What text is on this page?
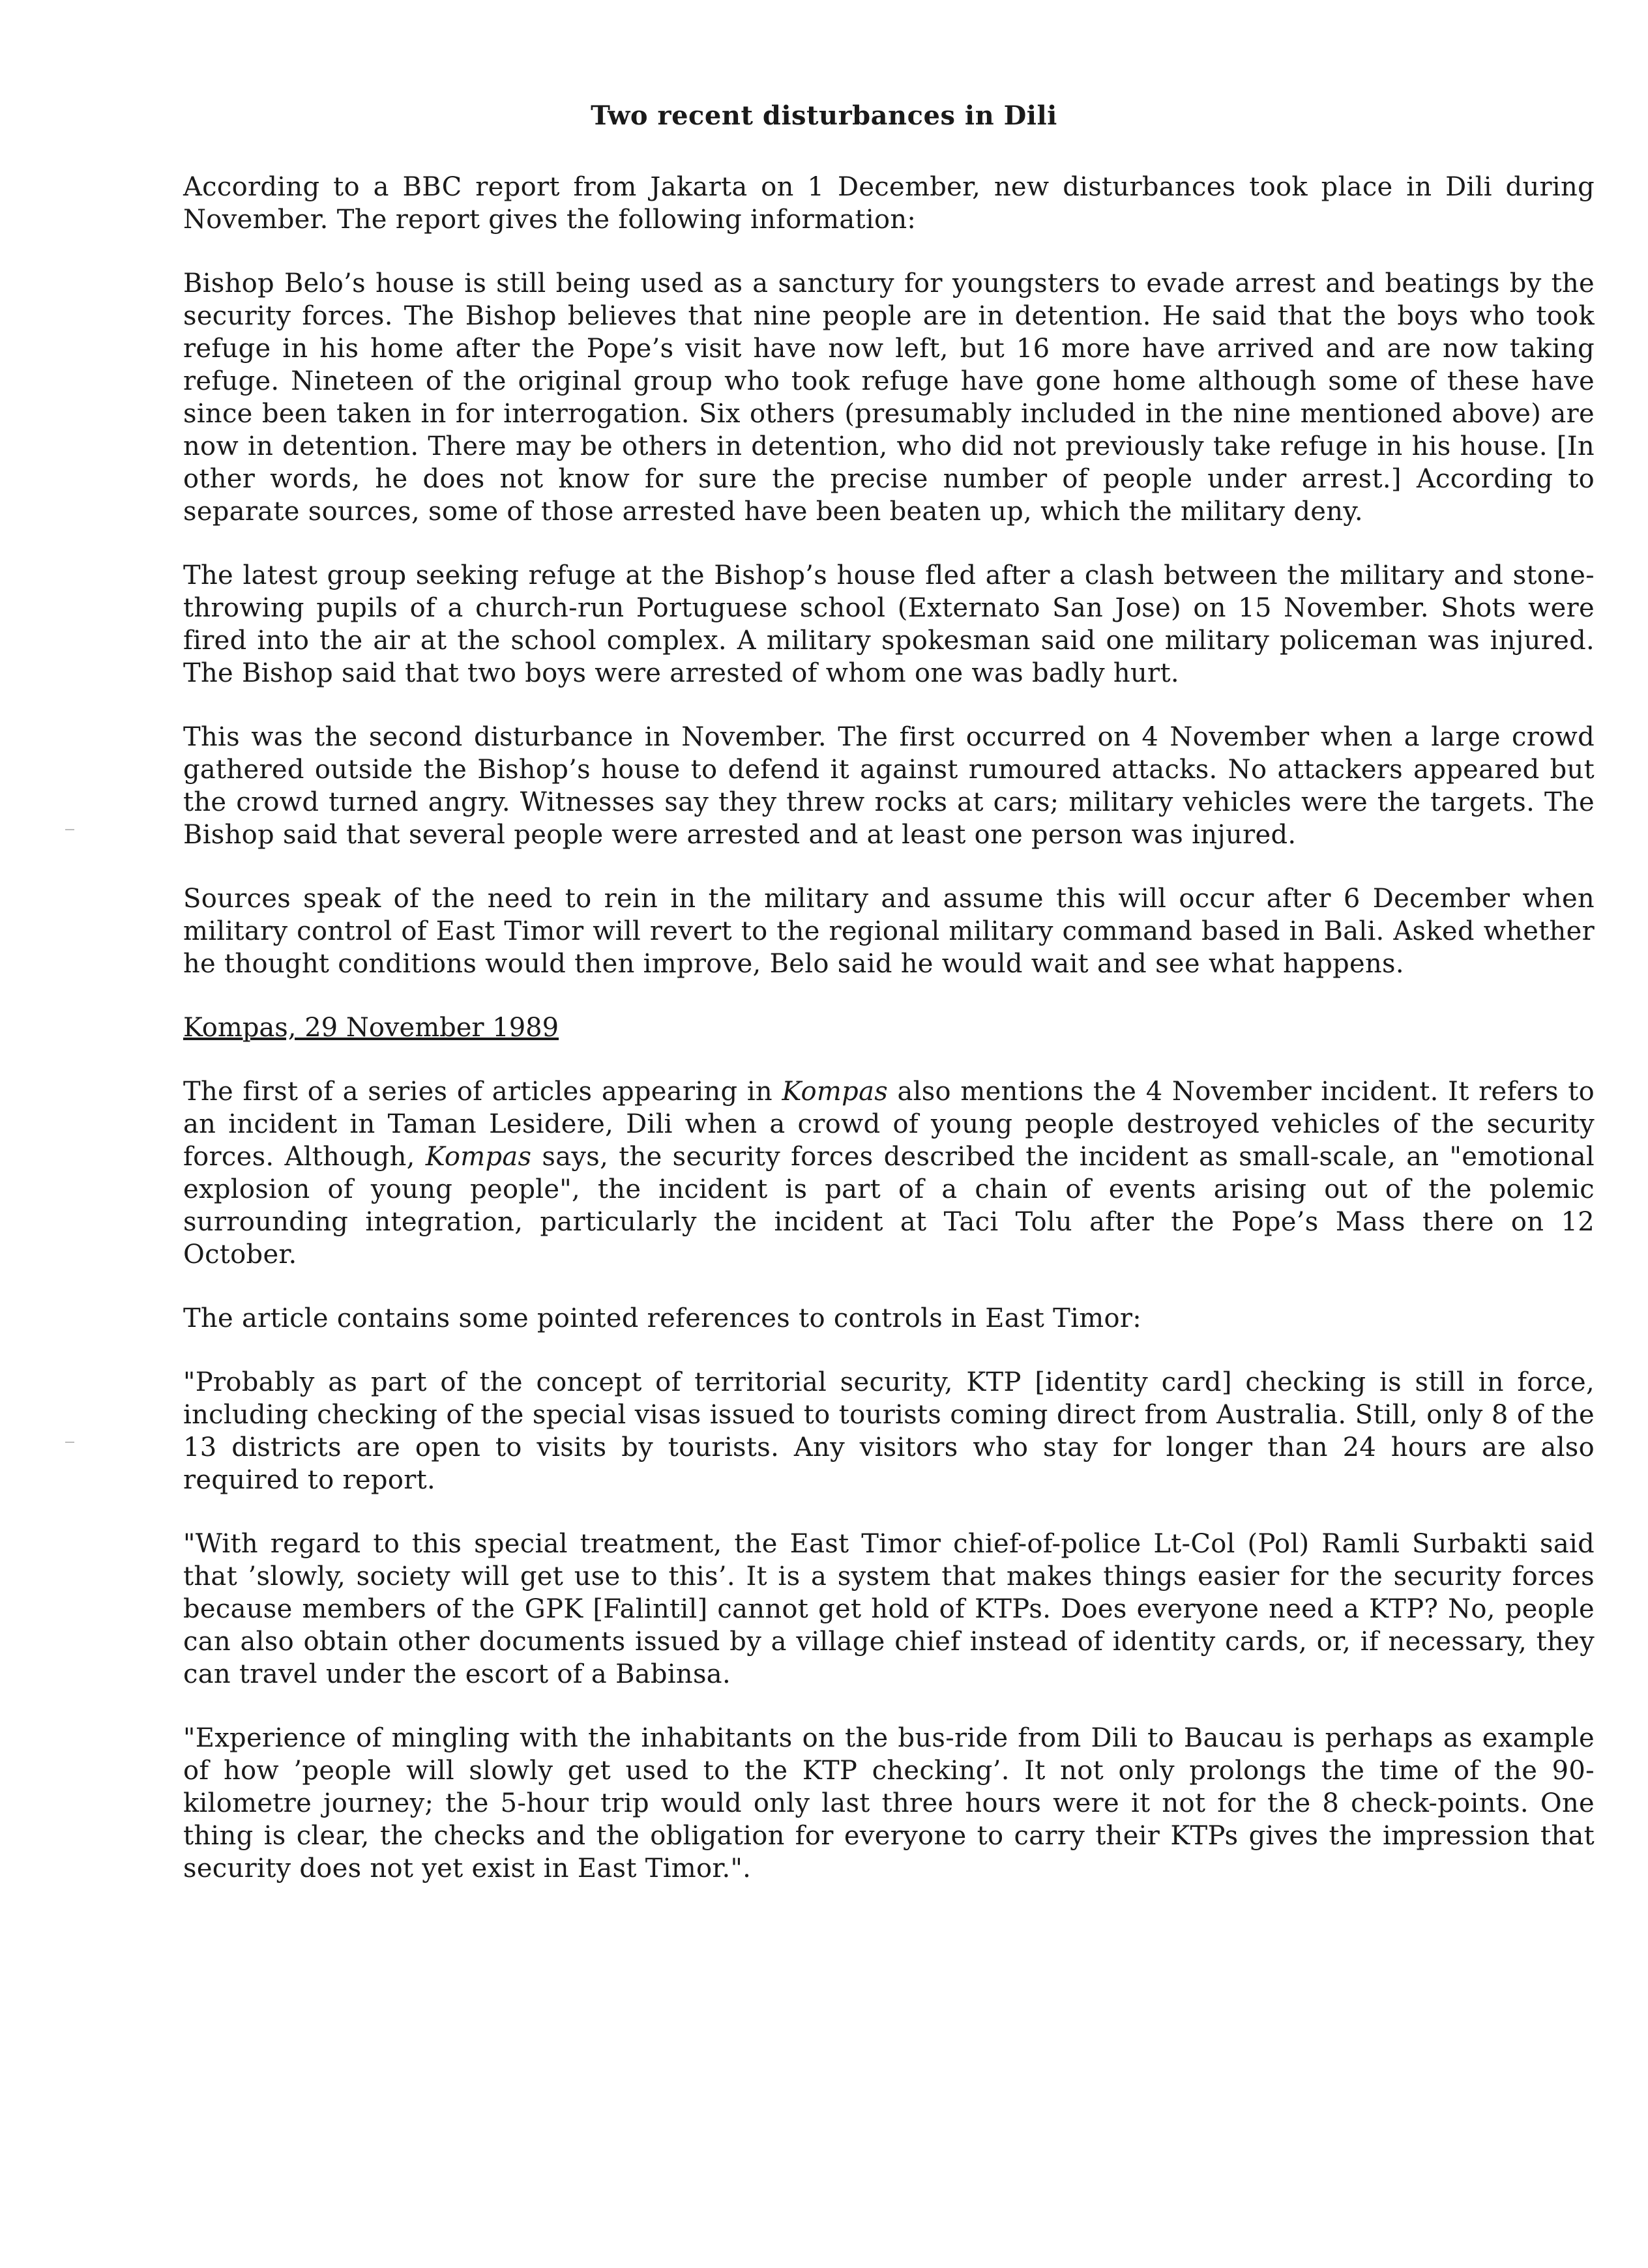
Two recent disturbances in Dili

According to a BBC report from Jakarta on 1 December, new disturbances took place in Dili during November. The report gives the following information:

Bishop Belo’s house is still being used as a sanctury for youngsters to evade arrest and beatings by the security forces. The Bishop believes that nine people are in detention. He said that the boys who took refuge in his home after the Pope’s visit have now left, but 16 more have arrived and are now taking refuge. Nineteen of the original group who took refuge have gone home although some of these have since been taken in for interrogation. Six others (presumably included in the nine mentioned above) are now in detention. There may be others in detention, who did not previously take refuge in his house. [In other words, he does not know for sure the precise number of people under arrest.] According to separate sources, some of those arrested have been beaten up, which the military deny.

The latest group seeking refuge at the Bishop’s house fled after a clash between the military and stone-throwing pupils of a church-run Portuguese school (Externato San Jose) on 15 November. Shots were fired into the air at the school complex. A military spokesman said one military policeman was injured. The Bishop said that two boys were arrested of whom one was badly hurt.

This was the second disturbance in November. The first occurred on 4 November when a large crowd gathered outside the Bishop’s house to defend it against rumoured attacks. No attackers appeared but the crowd turned angry. Witnesses say they threw rocks at cars; military vehicles were the targets. The Bishop said that several people were arrested and at least one person was injured.

Sources speak of the need to rein in the military and assume this will occur after 6 December when military control of East Timor will revert to the regional military command based in Bali. Asked whether he thought conditions would then improve, Belo said he would wait and see what happens.

Kompas, 29 November 1989

The first of a series of articles appearing in Kompas also mentions the 4 November incident. It refers to an incident in Taman Lesidere, Dili when a crowd of young people destroyed vehicles of the security forces. Although, Kompas says, the security forces described the incident as small-scale, an "emotional explosion of young people", the incident is part of a chain of events arising out of the polemic surrounding integration, particularly the incident at Taci Tolu after the Pope’s Mass there on 12 October.

The article contains some pointed references to controls in East Timor:

"Probably as part of the concept of territorial security, KTP [identity card] checking is still in force, including checking of the special visas issued to tourists coming direct from Australia. Still, only 8 of the 13 districts are open to visits by tourists. Any visitors who stay for longer than 24 hours are also required to report.

"With regard to this special treatment, the East Timor chief-of-police Lt-Col (Pol) Ramli Surbakti said that ’slowly, society will get use to this’. It is a system that makes things easier for the security forces because members of the GPK [Falintil] cannot get hold of KTPs. Does everyone need a KTP? No, people can also obtain other documents issued by a village chief instead of identity cards, or, if necessary, they can travel under the escort of a Babinsa.

"Experience of mingling with the inhabitants on the bus-ride from Dili to Baucau is perhaps as example of how ’people will slowly get used to the KTP checking’. It not only prolongs the time of the 90-kilometre journey; the 5-hour trip would only last three hours were it not for the 8 check-points. One thing is clear, the checks and the obligation for everyone to carry their KTPs gives the impression that security does not yet exist in East Timor.".
